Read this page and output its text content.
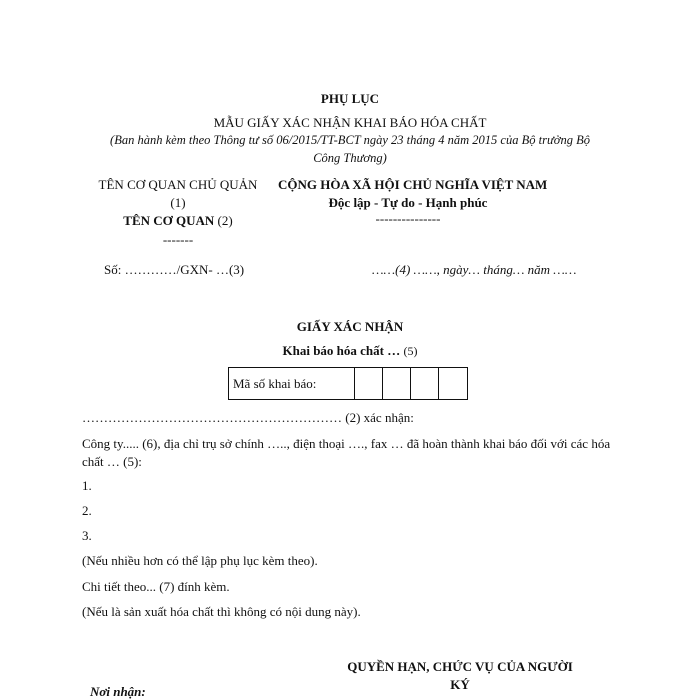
PHỤ LỤC
MẪU GIẤY XÁC NHẬN KHAI BÁO HÓA CHẤT
(Ban hành kèm theo Thông tư số 06/2015/TT-BCT ngày 23 tháng 4 năm 2015 của Bộ trưởng Bộ
Công Thương)
TÊN CƠ QUAN CHỦ QUẢN
(1)
TÊN CƠ QUAN (2)
-------
Số: …………/GXN- …(3)
CỘNG HÒA XÃ HỘI CHỦ NGHĨA VIỆT NAM
Độc lập - Tự do - Hạnh phúc
---------------
……(4) ……, ngày… tháng… năm ……
GIẤY XÁC NHẬN
Khai báo hóa chất … (5)
Mã số khai báo:
…………………………………………………… (2) xác nhận:

Công ty..... (6), địa chỉ trụ sở chính ….., điện thoại …., fax … đã hoàn thành khai báo đối với các hóa chất … (5):

1.
2.
3.
(Nếu nhiều hơn có thể lập phụ lục kèm theo).
Chi tiết theo... (7) đính kèm.
(Nếu là sản xuất hóa chất thì không có nội dung này).
Nơi nhận:
QUYỀN HẠN, CHỨC VỤ CỦA NGƯỜI
KÝ
